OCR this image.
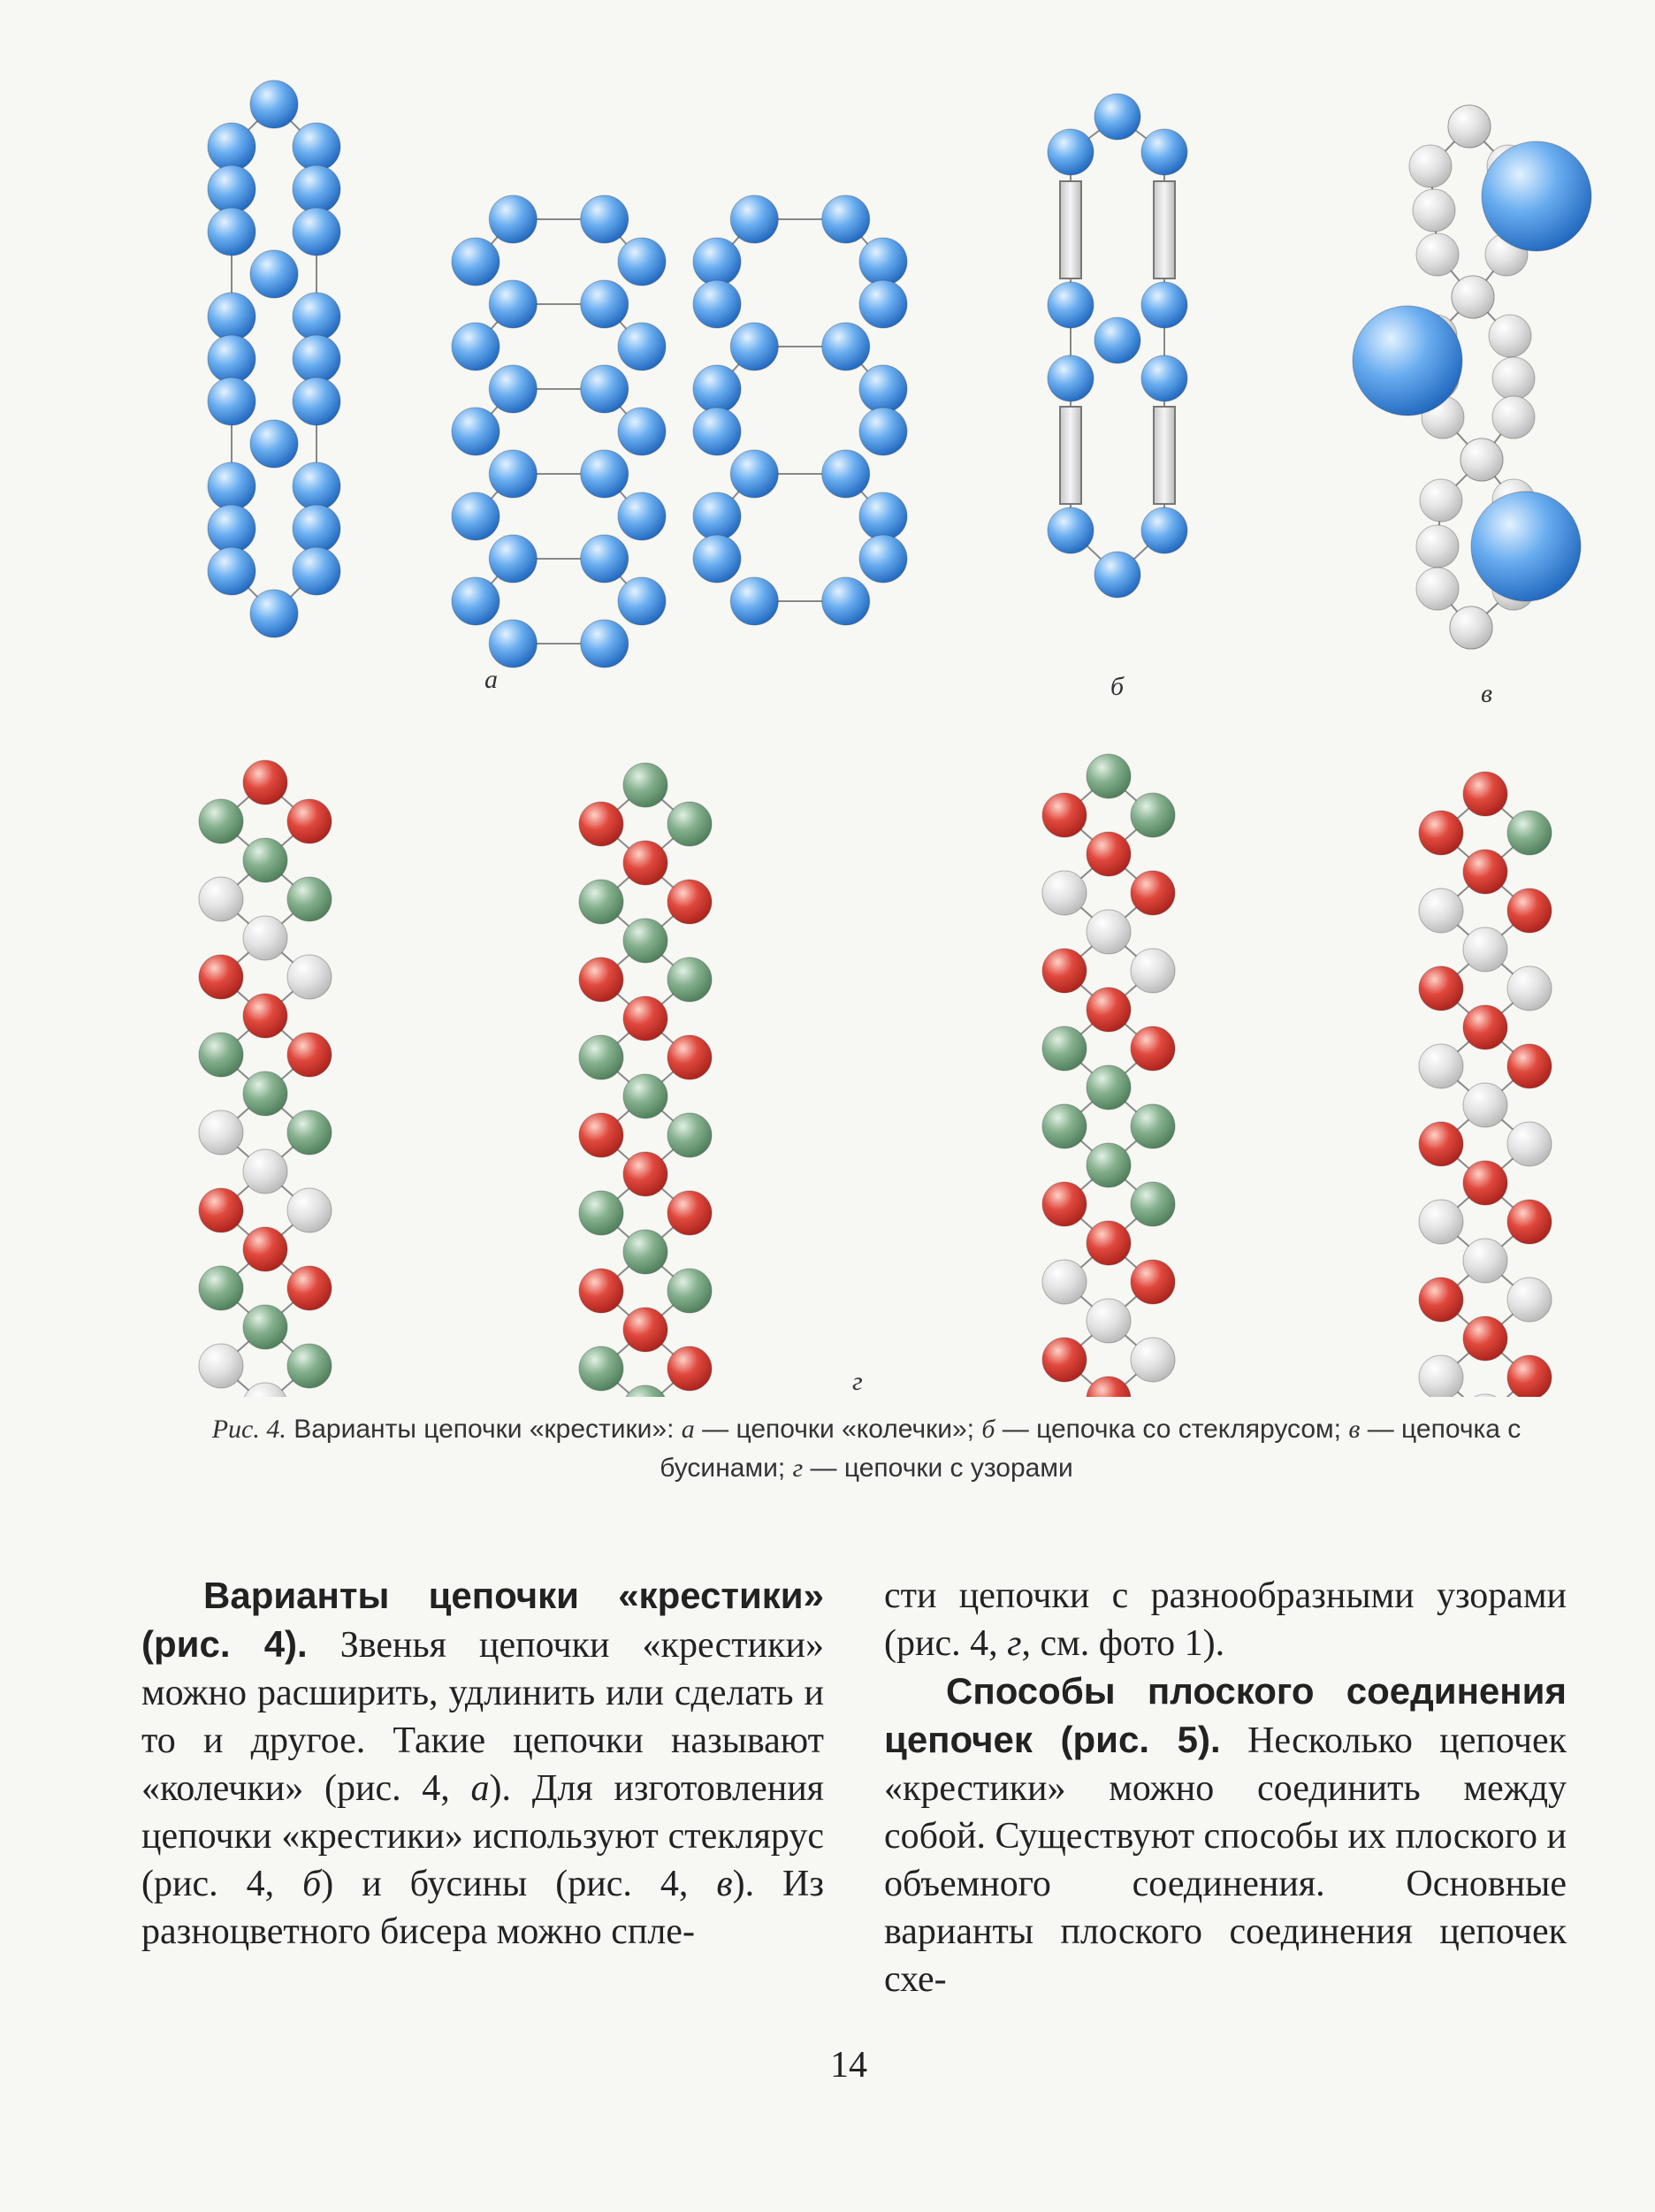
а	б	в
г
Рис. 4. Варианты цепочки «крестики»: а — цепочки «колечки»; б — цепочка со стеклярусом; в — цепочка с бусинами; г — цепочки с узорами

Варианты цепочки «крестики» (рис. 4). Звенья цепочки «крестики» можно расширить, удлинить или сделать и то и другое. Такие цепочки называют «колечки» (рис. 4, а). Для изготовления цепочки «крестики» используют стеклярус (рис. 4, б) и бусины (рис. 4, в). Из разноцветного бисера можно спле-

сти цепочки с разнообразными узорами (рис. 4, г, см. фото 1).

Способы плоского соединения цепочек (рис. 5). Несколько цепочек «крестики» можно соединить между собой. Существуют способы их плоского и объемного соединения. Основные варианты плоского соединения цепочек схе-

14
